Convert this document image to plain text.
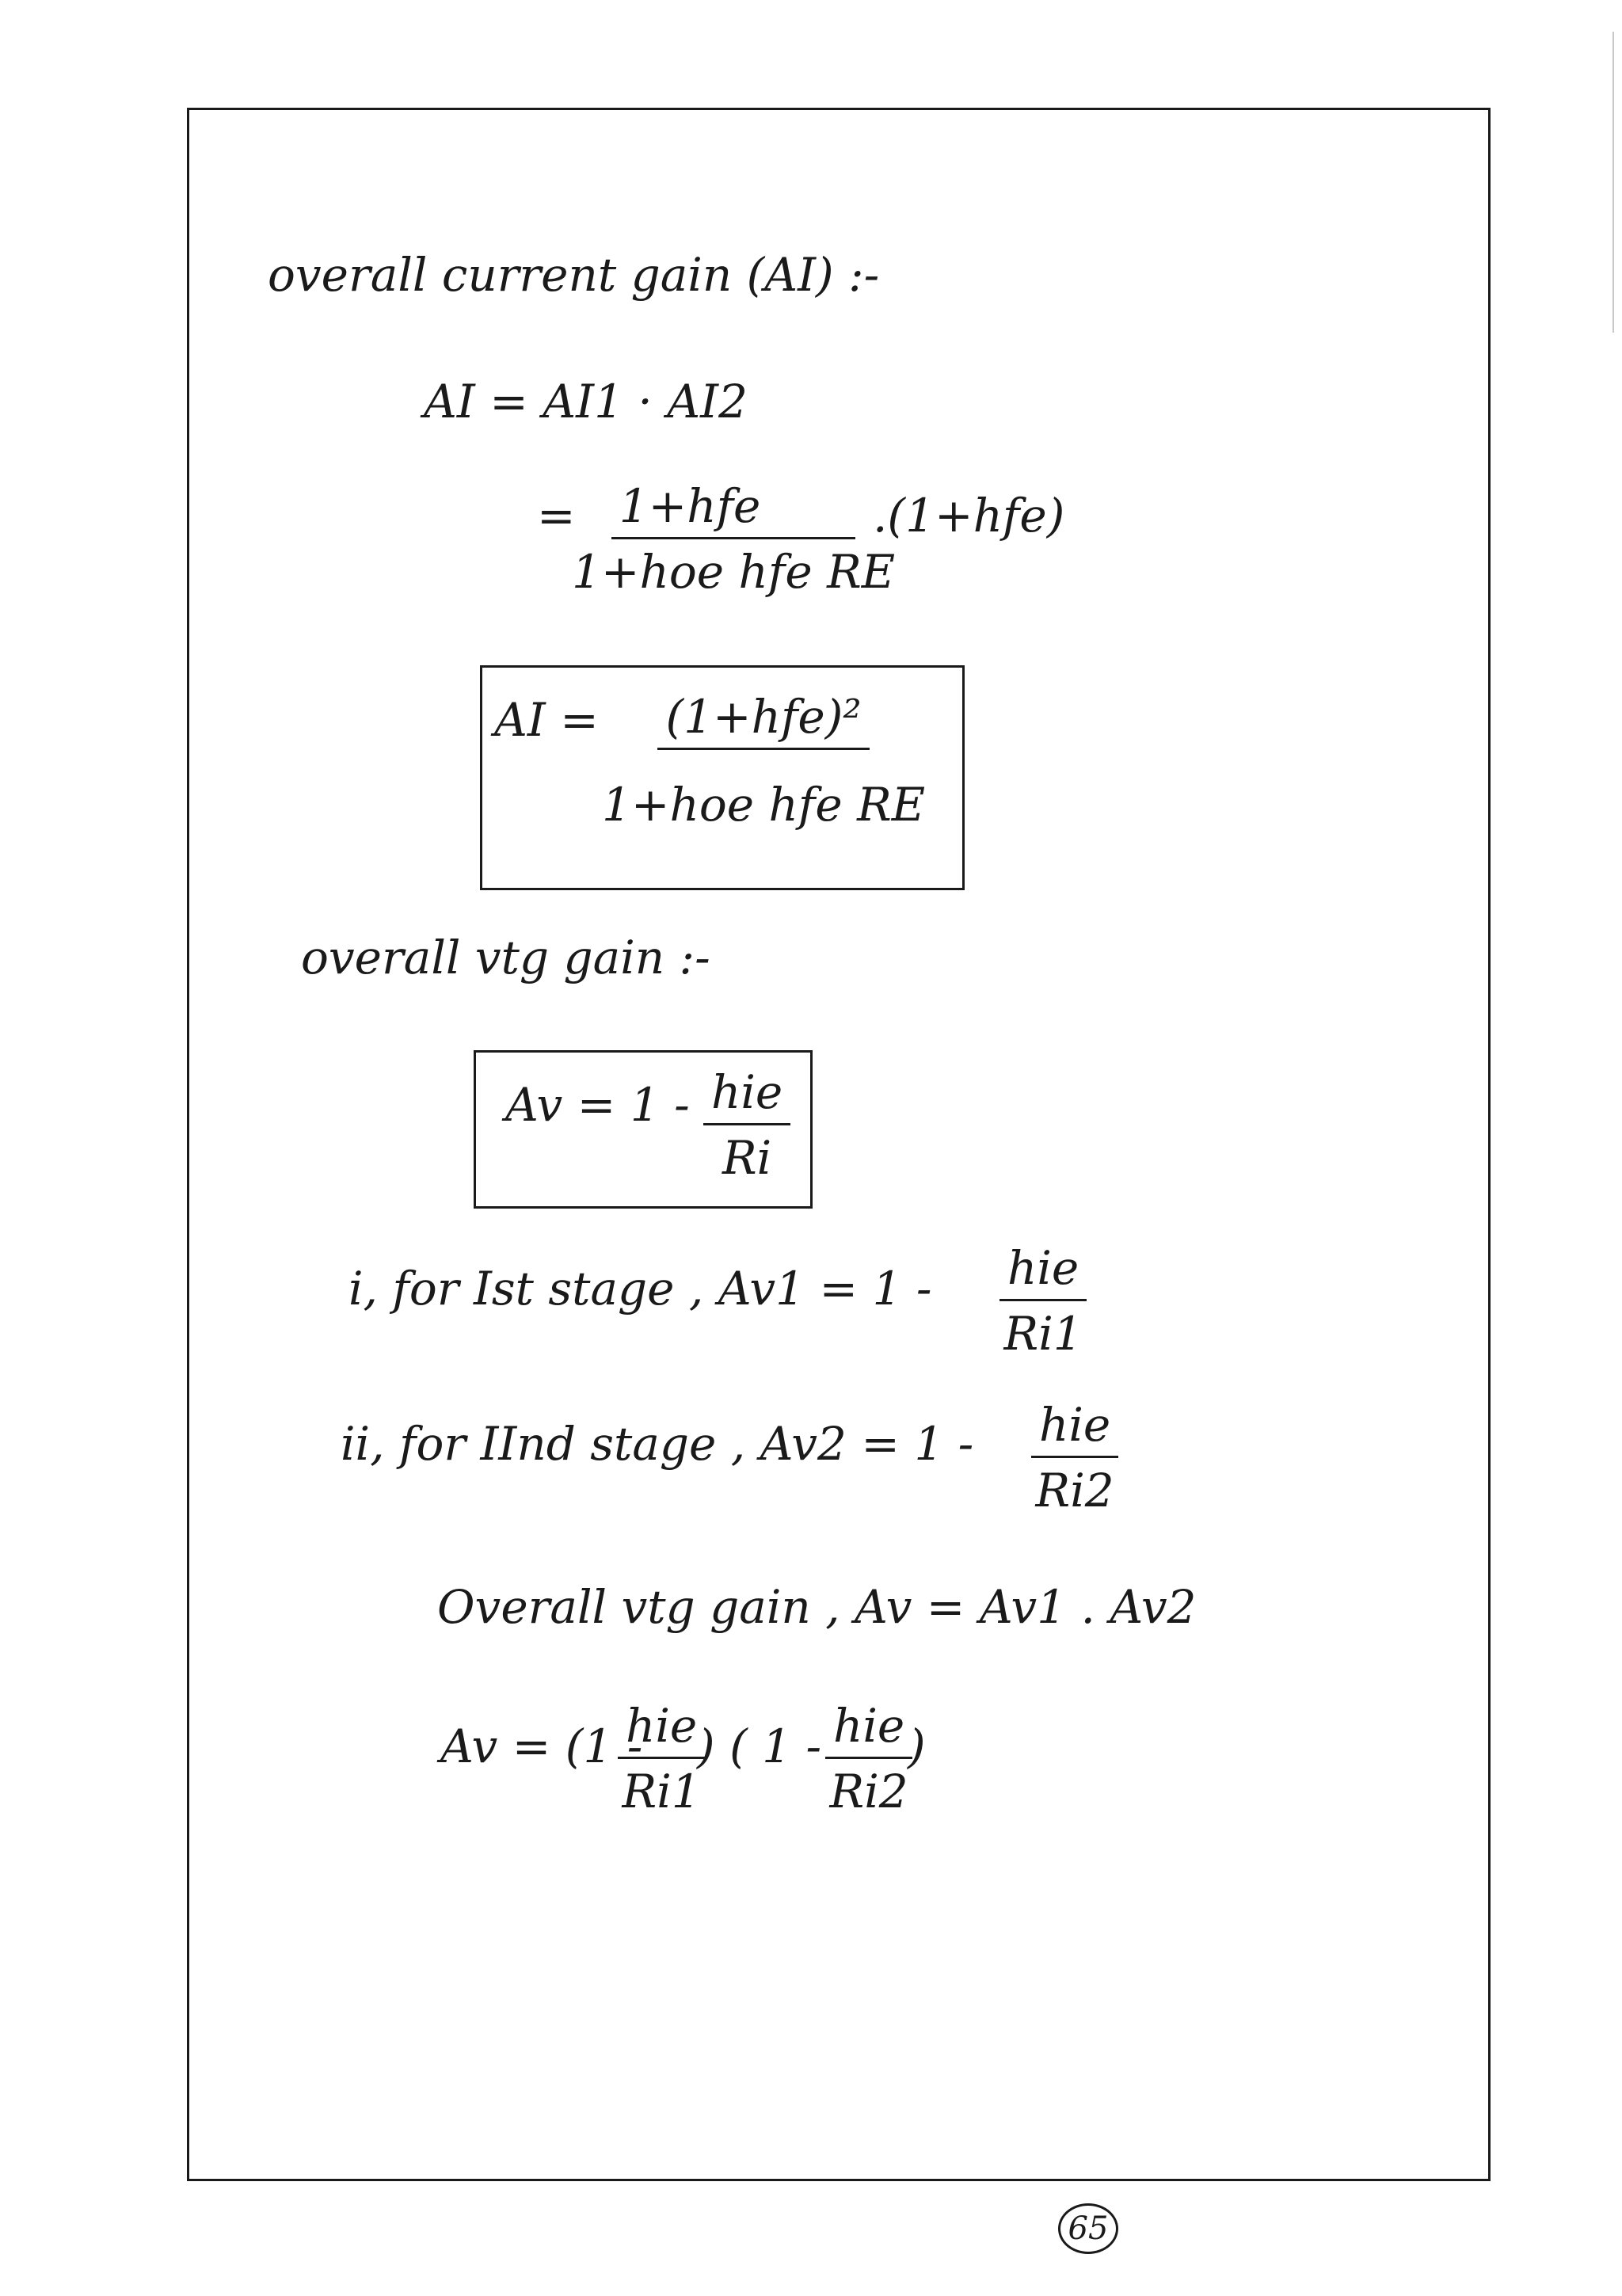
overall current gain (AI) :-
AI = AI1 · AI2
= 1+hfe
1+hoe hfe RE
.(1+hfe)
AI = (1+hfe)²
1+hoe hfe RE
overall vtg gain :-
Av = 1 - hie
Ri
i, for Ist stage , Av1 = 1 - hie
Ri1
ii, for IInd stage , Av2 = 1 - hie
Ri2
Overall vtg gain , Av = Av1 . Av2
Av = (1 -
hie
Ri1
) ( 1 - hie
Ri2
)
65
